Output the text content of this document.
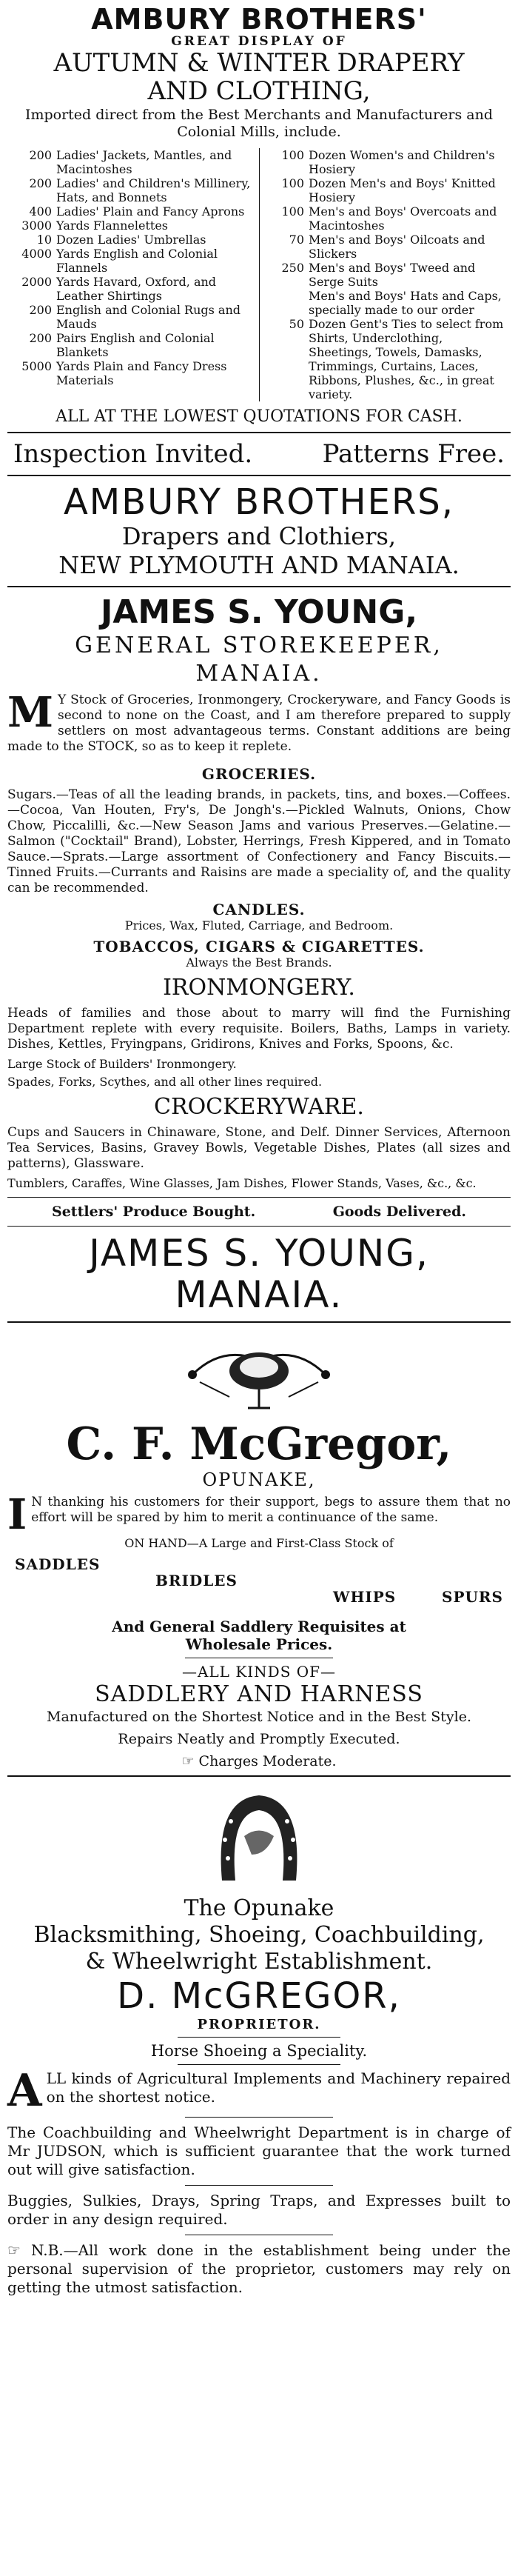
AMBURY BROTHERS'

GREAT DISPLAY OF

AUTUMN & WINTER DRAPERY

AND CLOTHING,

Imported direct from the Best Merchants and Manufacturers and Colonial Mills, include.

200 Ladies' Jackets, Mantles, and Macintoshes
200 Ladies' and Children's Millinery, Hats, and Bonnets
400 Ladies' Plain and Fancy Aprons
3000 Yards Flannelettes
10 Dozen Ladies' Umbrellas
4000 Yards English and Colonial Flannels
2000 Yards Havard, Oxford, and Leather Shirtings
200 English and Colonial Rugs and Mauds
200 Pairs English and Colonial Blankets
5000 Yards Plain and Fancy Dress Materials
100 Dozen Women's and Children's Hosiery
100 Dozen Men's and Boys' Knitted Hosiery
100 Men's and Boys' Overcoats and Macintoshes
70 Men's and Boys' Oilcoats and Slickers
250 Men's and Boys' Tweed and Serge Suits
Men's and Boys' Hats and Caps, specially made to our order
50 Dozen Gent's Ties to select from
Shirts, Underclothing, Sheetings, Towels, Damasks, Trimmings, Curtains, Laces, Ribbons, Plushes, &c., in great variety.

ALL AT THE LOWEST QUOTATIONS FOR CASH.

Inspection Invited.	Patterns Free.

AMBURY BROTHERS,

Drapers and Clothiers,

NEW PLYMOUTH AND MANAIA.

JAMES S. YOUNG,

GENERAL STOREKEEPER,

MANAIA.

M Y Stock of Groceries, Ironmongery, Crockeryware, and Fancy Goods is second to none on the Coast, and I am therefore prepared to supply settlers on most advantageous terms. Constant additions are being made to the STOCK, so as to keep it replete.

GROCERIES.

Sugars.—Teas of all the leading brands, in packets, tins, and boxes.—Coffees.—Cocoa, Van Houten, Fry's, De Jongh's.—Pickled Walnuts, Onions, Chow Chow, Piccalilli, &c.—New Season Jams and various Preserves.—Gelatine.—Salmon ("Cocktail" Brand), Lobster, Herrings, Fresh Kippered, and in Tomato Sauce.—Sprats.—Large assortment of Confectionery and Fancy Biscuits.—Tinned Fruits.—Currants and Raisins are made a speciality of, and the quality can be recommended.

CANDLES.

Prices, Wax, Fluted, Carriage, and Bedroom.

TOBACCOS, CIGARS & CIGARETTES.

Always the Best Brands.

IRONMONGERY.

Heads of families and those about to marry will find the Furnishing Department replete with every requisite. Boilers, Baths, Lamps in variety. Dishes, Kettles, Fryingpans, Gridirons, Knives and Forks, Spoons, &c.

Large Stock of Builders' Ironmongery.

Spades, Forks, Scythes, and all other lines required.

CROCKERYWARE.

Cups and Saucers in Chinaware, Stone, and Delf. Dinner Services, Afternoon Tea Services, Basins, Gravey Bowls, Vegetable Dishes, Plates (all sizes and patterns), Glassware.

Tumblers, Caraffes, Wine Glasses, Jam Dishes, Flower Stands, Vases, &c., &c.

Settlers' Produce Bought.	Goods Delivered.

JAMES S. YOUNG,

MANAIA.

C. F. McGregor,

OPUNAKE,

I N thanking his customers for their support, begs to assure them that no effort will be spared by him to merit a continuance of the same.

ON HAND—A Large and First-Class Stock of

SADDLES
BRIDLES
WHIPS	SPURS

And General Saddlery Requisites at

Wholesale Prices.

—ALL KINDS OF—

SADDLERY AND HARNESS

Manufactured on the Shortest Notice and in the Best Style.

Repairs Neatly and Promptly Executed.

☞ Charges Moderate.

The Opunake

Blacksmithing, Shoeing, Coachbuilding,

& Wheelwright Establishment.

D. McGREGOR,

PROPRIETOR.

Horse Shoeing a Speciality.

A LL kinds of Agricultural Implements and Machinery repaired on the shortest notice.

The Coachbuilding and Wheelwright Department is in charge of Mr JUDSON, which is sufficient guarantee that the work turned out will give satisfaction.

Buggies, Sulkies, Drays, Spring Traps, and Expresses built to order in any design required.

☞ N.B.—All work done in the establishment being under the personal supervision of the proprietor, customers may rely on getting the utmost satisfaction.
